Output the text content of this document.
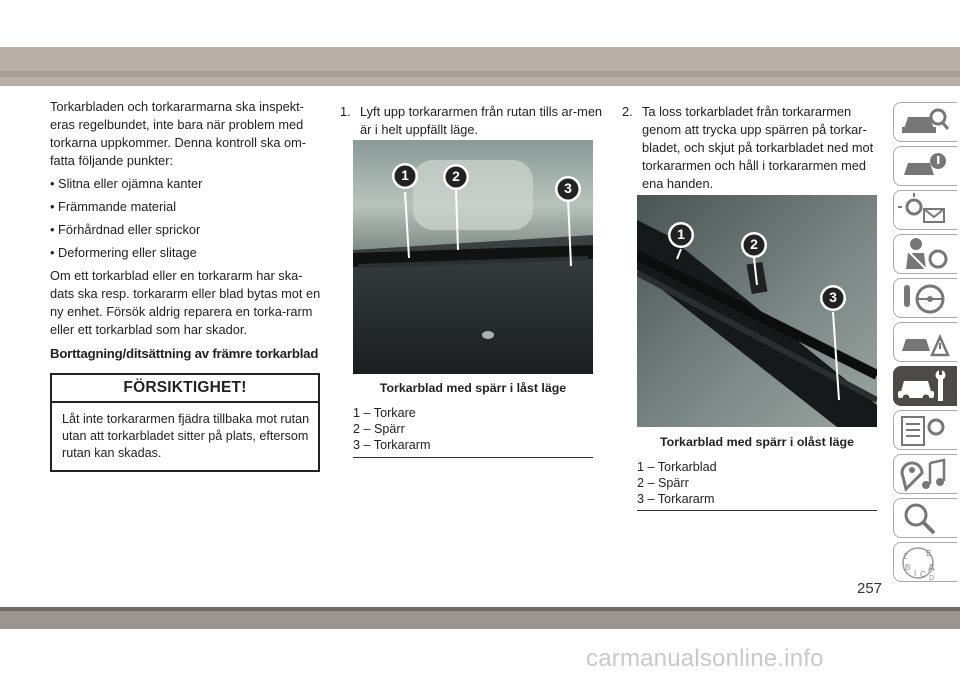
Torkarbladen och torkararmarna ska inspekt-eras regelbundet, inte bara när problem med torkarna uppkommer. Denna kontroll ska om-fatta följande punkter:

• Slitna eller ojämna kanter
• Främmande material
• Förhårdnad eller sprickor
• Deformering eller slitage

Om ett torkarblad eller en torkararm har ska-dats ska resp. torkararm eller blad bytas mot en ny enhet. Försök aldrig reparera en torka-rarm eller ett torkarblad som har skador.

Borttagning/ditsättning av främre torkarblad
FÖRSIKTIGHET!
Låt inte torkararmen fjädra tillbaka mot rutan utan att torkarbladet sitter på plats, eftersom rutan kan skadas.
1. Lyft upp torkararmen från rutan tills ar-men är i helt uppfällt läge.
1	2
3
Torkarblad med spärr i låst läge
1 – Torkare
2 – Spärr
3 – Torkararm
2. Ta loss torkarbladet från torkararmen genom att trycka upp spärren på torkar-bladet, och skjut på torkarbladet ned mot torkararmen och håll i torkararmen med ena handen.
1
2
3
Torkarblad med spärr i olåst läge
1 – Torkarblad
2 – Spärr
3 – Torkararm
Z E
B
I C
A
D
257
carmanualsonline.info
